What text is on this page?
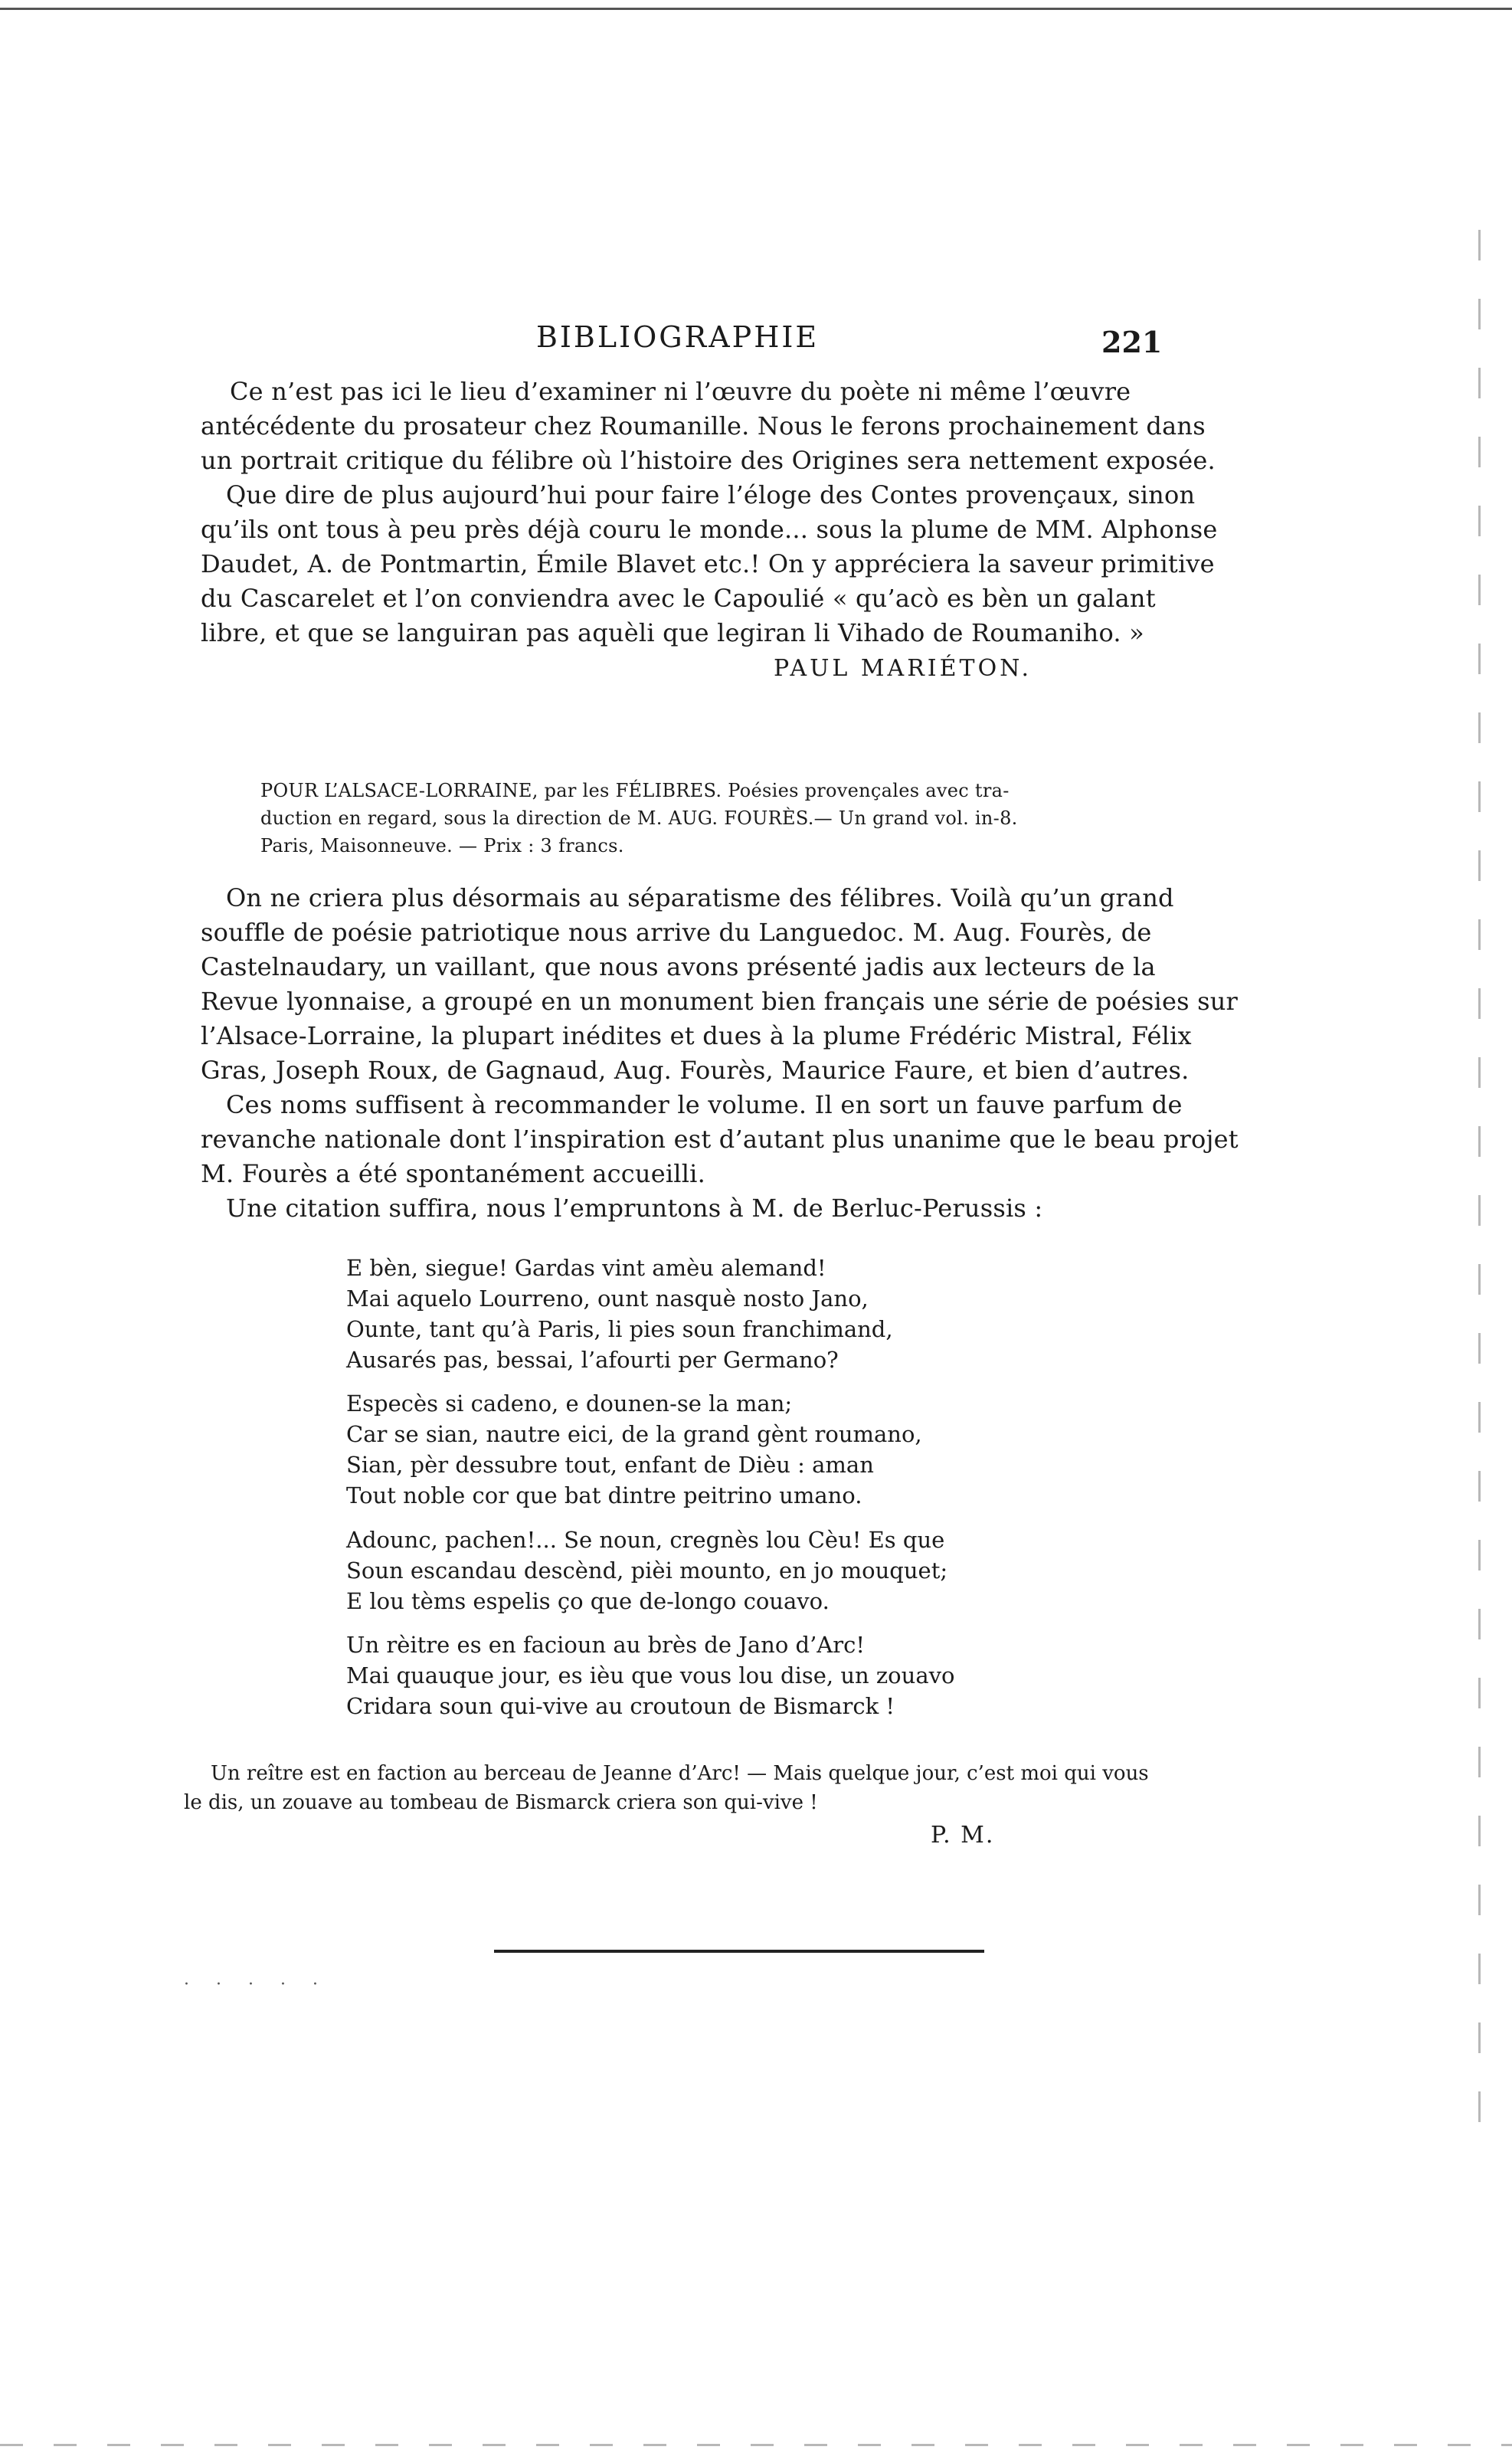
BIBLIOGRAPHIE	221
Ce n’est pas ici le lieu d’examiner ni l’œuvre du poète ni même l’œuvre
antécédente du prosateur chez Roumanille. Nous le ferons prochainement dans
un portrait critique du félibre où l’histoire des Origines sera nettement exposée.
Que dire de plus aujourd’hui pour faire l’éloge des Contes provençaux, sinon
qu’ils ont tous à peu près déjà couru le monde... sous la plume de MM. Alphonse
Daudet, A. de Pontmartin, Émile Blavet etc.! On y appréciera la saveur primitive
du Cascarelet et l’on conviendra avec le Capoulié « qu’acò es bèn un galant
libre, et que se languiran pas aquèli que legiran li Vihado de Roumaniho. »
PAUL MARIÉTON.
POUR L’ALSACE-LORRAINE, par les FÉLIBRES. Poésies provençales avec tra-
duction en regard, sous la direction de M. AUG. FOURÈS.— Un grand vol. in-8.
Paris, Maisonneuve. — Prix : 3 francs.
On ne criera plus désormais au séparatisme des félibres. Voilà qu’un grand
souffle de poésie patriotique nous arrive du Languedoc. M. Aug. Fourès, de
Castelnaudary, un vaillant, que nous avons présenté jadis aux lecteurs de la
Revue lyonnaise, a groupé en un monument bien français une série de poésies sur
l’Alsace-Lorraine, la plupart inédites et dues à la plume Frédéric Mistral, Félix
Gras, Joseph Roux, de Gagnaud, Aug. Fourès, Maurice Faure, et bien d’autres.
Ces noms suffisent à recommander le volume. Il en sort un fauve parfum de
revanche nationale dont l’inspiration est d’autant plus unanime que le beau projet
M. Fourès a été spontanément accueilli.
Une citation suffira, nous l’empruntons à M. de Berluc-Perussis :
E bèn, siegue! Gardas vint amèu alemand!
Mai aquelo Lourreno, ount nasquè nosto Jano,
Ounte, tant qu’à Paris, li pies soun franchimand,
Ausarés pas, bessai, l’afourti per Germano?
Especès si cadeno, e dounen-se la man;
Car se sian, nautre eici, de la grand gènt roumano,
Sian, pèr dessubre tout, enfant de Dièu : aman
Tout noble cor que bat dintre peitrino umano.
Adounc, pachen!... Se noun, cregnès lou Cèu! Es que
Soun escandau descènd, pièi mounto, en jo mouquet;
E lou tèms espelis ço que de-longo couavo.
Un rèitre es en facioun au brès de Jano d’Arc!
Mai quauque jour, es ièu que vous lou dise, un zouavo
Cridara soun qui-vive au croutoun de Bismarck !
Un reître est en faction au berceau de Jeanne d’Arc! — Mais quelque jour, c’est moi qui vous
le dis, un zouave au tombeau de Bismarck criera son qui-vive !
P. M.
· · · · ·
